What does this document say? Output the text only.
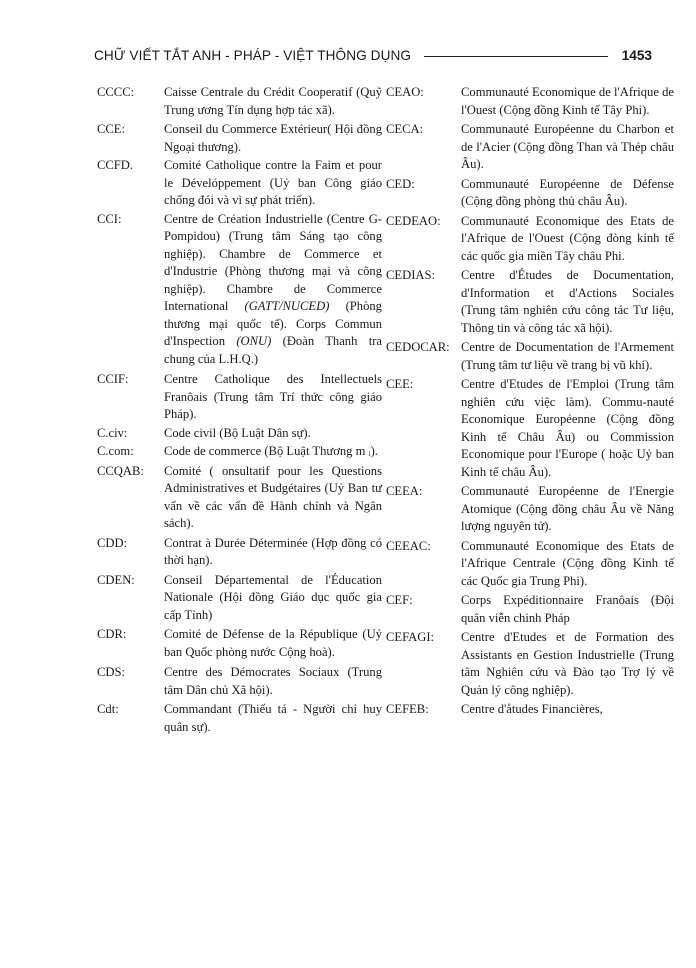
CHỮ VIẾT TẮT ANH - PHÁP - VIỆT THÔNG DỤNG	1453
CCCC: Caisse Centrale du Crédit Cooperatif (Quỹ Trung ương Tín dụng hợp tác xã).
CCE:	Conseil du Commerce Extérieur( Hội đồng Ngoại thương).
CCFD. Comité Catholique contre la Faim et pour le Dévelóppement (Uỷ ban Công giáo chống đói và vì sự phát triển).
CCI:	Centre de Création Industrielle (Centre G- Pompidou) (Trung tâm Sáng tạo công nghiệp). Chambre de Commerce et d'Industrie (Phòng thương mại và công nghiệp). Chambre de Commerce International (GATT/NUCED) (Phòng thương mại quốc tế). Corps Commun d'Inspection (ONU) (Đoàn Thanh tra chung của L.H.Q.)
CCIF:	Centre Catholique des Intellectuels Franôais (Trung tâm Trí thức công giáo Pháp).
C.civ:	Code civil (Bộ Luật Dân sự).
C.com: Code de commerce (Bộ Luật Thương m ᵢ).
CCQAB: Comité ( onsultatif pour les Questions Administratives et Budgétaires (Uỷ Ban tư vấn về các vấn đề Hành chính và Ngân sách).
CDD:	Contrat à Durée Déterminée (Hợp đồng có thời hạn).
CDEN: Conseil Départemental de l'Éducation Nationale (Hội đồng Giáo dục quốc gia cấp Tỉnh)
CDR:	Comité de Défense de la République (Uỷ ban Quốc phòng nước Cộng hoà).
CDS:	Centre des Démocrates Sociaux (Trung tâm Dân chủ Xã hội).
Cdt:	Commandant (Thiếu tá - Người chỉ huy quân sự).
CEAO:	Communauté Economique de l'Afrique de l'Ouest (Cộng đồng Kinh tế Tây Phi).
CECA:	Communauté Européenne du Charbon et de l'Acier (Cộng đồng Than và Thép châu Âu).
CED:	Communauté Européenne de Défense (Cộng đồng phòng thủ châu Âu).
CEDEAO: Communauté Economique des Etats de l'Afrique de l'Ouest (Cộng đòng kinh tế các quốc gia miền Tây châu Phi.
CEDIAS: Centre d'Études de Documentation, d'Information et d'Actions Sociales (Trung tâm nghiên cứu công tác Tư liệu, Thông tin và công tác xã hội).
CEDOCAR: Centre de Documentation de l'Armement (Trung tâm tư liệu về trang bị vũ khí).
CEE:	Centre d'Etudes de l'Emploi (Trung tâm nghiên cứu việc làm). Commu-nauté Economique Européenne (Cộng đồng Kinh tế Châu Âu) ou Commission Economique pour l'Europe ( hoặc Uỷ ban Kinh tế châu Âu).
CEEA:	Communauté Européenne de l'Energie Atomique (Cộng đồng châu Âu về Năng lượng nguyên tử).
CEEAC: Communauté Economique des Etats de l'Afrique Centrale (Cộng đồng Kinh tế các Quốc gia Trung Phi).
CEF:	Corps Expéditionnaire Franôais (Đội quân viễn chinh Pháp
CEFAGI: Centre d'Etudes et de Formation des Assistants en Gestion Industrielle (Trung tâm Nghiên cứu và Đào tạo Trợ lý về Quản lý công nghiệp).
CEFEB:	Centre d'åtudes Financières,
